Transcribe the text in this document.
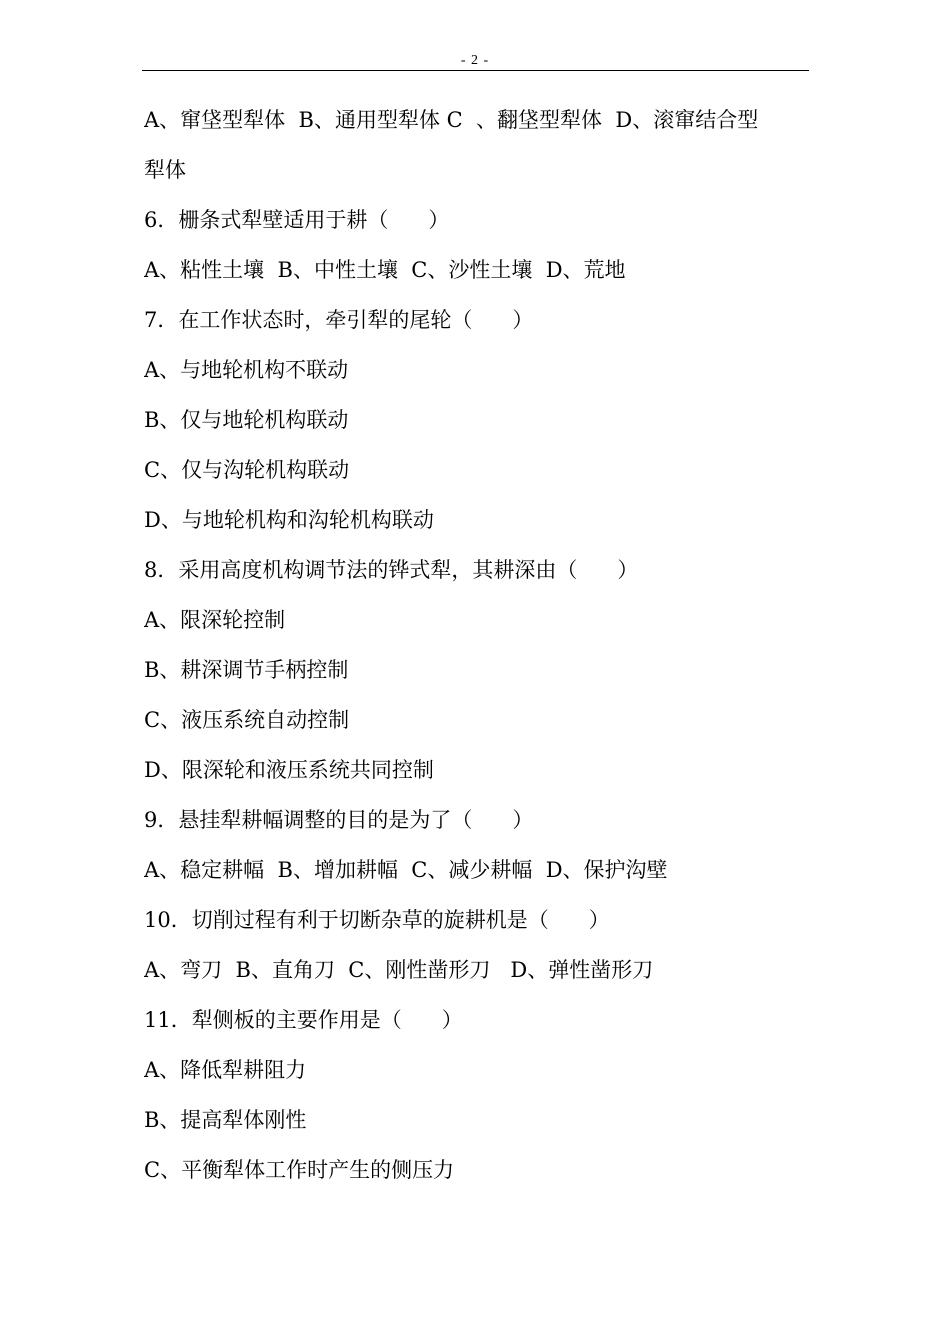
- 2 -
A、窜垡型犁体  B、通用型犁体 C  、翻垡型犁体  D、滚窜结合型
犁体
6．栅条式犁壁适用于耕（      ）
A、粘性土壤  B、中性土壤  C、沙性土壤  D、荒地
7．在工作状态时，牵引犁的尾轮（      ）
A、与地轮机构不联动
B、仅与地轮机构联动
C、仅与沟轮机构联动
D、与地轮机构和沟轮机构联动
8．采用高度机构调节法的铧式犁，其耕深由（      ）
A、限深轮控制
B、耕深调节手柄控制
C、液压系统自动控制
D、限深轮和液压系统共同控制
9．悬挂犁耕幅调整的目的是为了（      ）
A、稳定耕幅  B、增加耕幅  C、减少耕幅  D、保护沟壁
10．切削过程有利于切断杂草的旋耕机是（      ）
A、弯刀  B、直角刀  C、刚性凿形刀   D、弹性凿形刀
11．犁侧板的主要作用是（      ）
A、降低犁耕阻力
B、提高犁体刚性
C、平衡犁体工作时产生的侧压力
